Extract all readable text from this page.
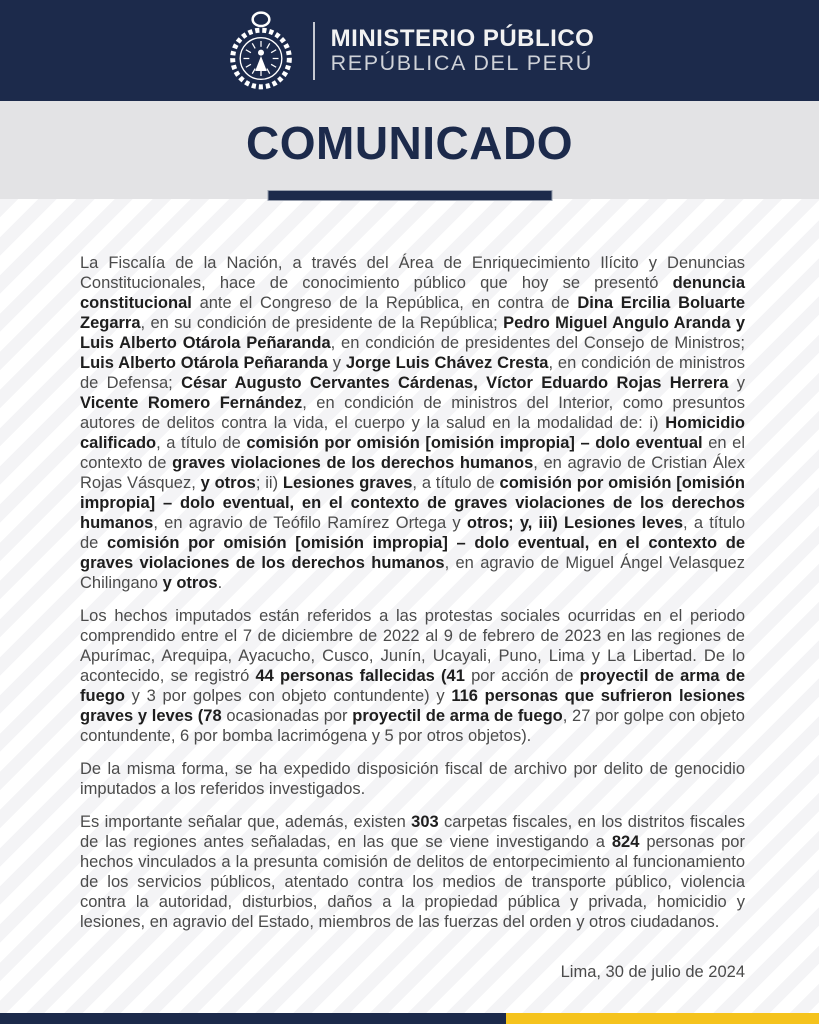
MINISTERIO PÚBLICO
REPÚBLICA DEL PERÚ
COMUNICADO

La Fiscalía de la Nación, a través del Área de Enriquecimiento Ilícito y Denuncias Constitucionales, hace de conocimiento público que hoy se presentó denuncia constitucional ante el Congreso de la República, en contra de Dina Ercilia Boluarte Zegarra, en su condición de presidente de la República; Pedro Miguel Angulo Aranda y Luis Alberto Otárola Peñaranda, en condición de presidentes del Consejo de Ministros; Luis Alberto Otárola Peñaranda y Jorge Luis Chávez Cresta, en condición de ministros de Defensa; César Augusto Cervantes Cárdenas, Víctor Eduardo Rojas Herrera y Vicente Romero Fernández, en condición de ministros del Interior, como presuntos autores de delitos contra la vida, el cuerpo y la salud en la modalidad de: i) Homicidio calificado, a título de comisión por omisión [omisión impropia] – dolo eventual en el contexto de graves violaciones de los derechos humanos, en agravio de Cristian Álex Rojas Vásquez, y otros; ii) Lesiones graves, a título de comisión por omisión [omisión impropia] – dolo eventual, en el contexto de graves violaciones de los derechos humanos, en agravio de Teófilo Ramírez Ortega y otros; y, iii) Lesiones leves, a título de comisión por omisión [omisión impropia] – dolo eventual, en el contexto de graves violaciones de los derechos humanos, en agravio de Miguel Ángel Velasquez Chilingano y otros.

Los hechos imputados están referidos a las protestas sociales ocurridas en el periodo comprendido entre el 7 de diciembre de 2022 al 9 de febrero de 2023 en las regiones de Apurímac, Arequipa, Ayacucho, Cusco, Junín, Ucayali, Puno, Lima y La Libertad. De lo acontecido, se registró 44 personas fallecidas (41 por acción de proyectil de arma de fuego y 3 por golpes con objeto contundente) y 116 personas que sufrieron lesiones graves y leves (78 ocasionadas por proyectil de arma de fuego, 27 por golpe con objeto contundente, 6 por bomba lacrimógena y 5 por otros objetos).

De la misma forma, se ha expedido disposición fiscal de archivo por delito de genocidio imputados a los referidos investigados.

Es importante señalar que, además, existen 303 carpetas fiscales, en los distritos fiscales de las regiones antes señaladas, en las que se viene investigando a 824 personas por hechos vinculados a la presunta comisión de delitos de entorpecimiento al funcionamiento de los servicios públicos, atentado contra los medios de transporte público, violencia contra la autoridad, disturbios, daños a la propiedad pública y privada, homicidio y lesiones, en agravio del Estado, miembros de las fuerzas del orden y otros ciudadanos.

Lima, 30 de julio de 2024
